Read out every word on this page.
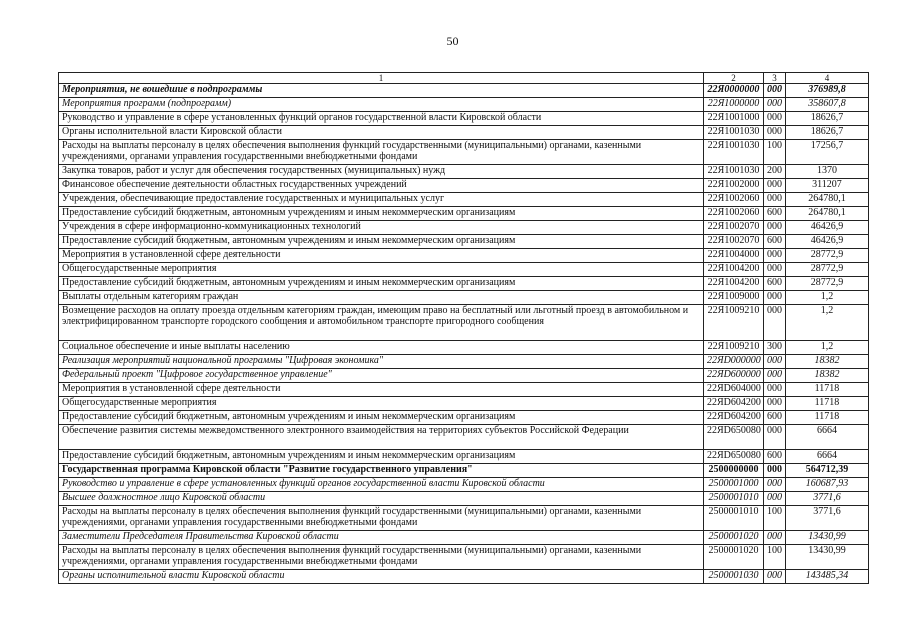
50
1	2	3	4
Мероприятия, не вошедшие в подпрограммы	22Я0000000	000	376989,8
Мероприятия программ (подпрограмм)	22Я1000000	000	358607,8
Руководство и управление в сфере установленных функций органов государственной власти Кировской области	22Я1001000	000	18626,7
Органы исполнительной власти Кировской области	22Я1001030	000	18626,7
Расходы на выплаты персоналу в целях обеспечения выполнения функций государственными (муниципальными) органами, казенными учреждениями, органами управления государственными внебюджетными фондами	22Я1001030	100	17256,7
Закупка товаров, работ и услуг для обеспечения государственных (муниципальных) нужд	22Я1001030	200	1370
Финансовое обеспечение деятельности областных государственных учреждений	22Я1002000	000	311207
Учреждения, обеспечивающие предоставление государственных и муниципальных услуг	22Я1002060	000	264780,1
Предоставление субсидий бюджетным, автономным учреждениям и иным некоммерческим организациям	22Я1002060	600	264780,1
Учреждения в сфере информационно-коммуникационных технологий	22Я1002070	000	46426,9
Предоставление субсидий бюджетным, автономным учреждениям и иным некоммерческим организациям	22Я1002070	600	46426,9
Мероприятия в установленной сфере деятельности	22Я1004000	000	28772,9
Общегосударственные мероприятия	22Я1004200	000	28772,9
Предоставление субсидий бюджетным, автономным учреждениям и иным некоммерческим организациям	22Я1004200	600	28772,9
Выплаты отдельным категориям граждан	22Я1009000	000	1,2
Возмещение расходов на оплату проезда отдельным категориям граждан, имеющим право на бесплатный или льготный проезд в автомобильном и электрифицированном транспорте городского сообщения и автомобильном транспорте пригородного сообщения	22Я1009210	000	1,2
Социальное обеспечение и иные выплаты населению	22Я1009210	300	1,2
Реализация мероприятий национальной программы "Цифровая экономика"	22ЯD000000	000	18382
Федеральный проект "Цифровое государственное управление"	22ЯD600000	000	18382
Мероприятия в установленной сфере деятельности	22ЯD604000	000	11718
Общегосударственные мероприятия	22ЯD604200	000	11718
Предоставление субсидий бюджетным, автономным учреждениям и иным некоммерческим организациям	22ЯD604200	600	11718
Обеспечение развития системы межведомственного электронного взаимодействия на территориях субъектов Российской Федерации	22ЯD650080	000	6664
Предоставление субсидий бюджетным, автономным учреждениям и иным некоммерческим организациям	22ЯD650080	600	6664
Государственная программа Кировской области "Развитие государственного управления"	2500000000	000	564712,39
Руководство и управление в сфере установленных функций органов государственной власти Кировской области	2500001000	000	160687,93
Высшее должностное лицо Кировской области	2500001010	000	3771,6
Расходы на выплаты персоналу в целях обеспечения выполнения функций государственными (муниципальными) органами, казенными учреждениями, органами управления государственными внебюджетными фондами	2500001010	100	3771,6
Заместители Председателя Правительства Кировской области	2500001020	000	13430,99
Расходы на выплаты персоналу в целях обеспечения выполнения функций государственными (муниципальными) органами, казенными учреждениями, органами управления государственными внебюджетными фондами	2500001020	100	13430,99
Органы исполнительной власти Кировской области	2500001030	000	143485,34
